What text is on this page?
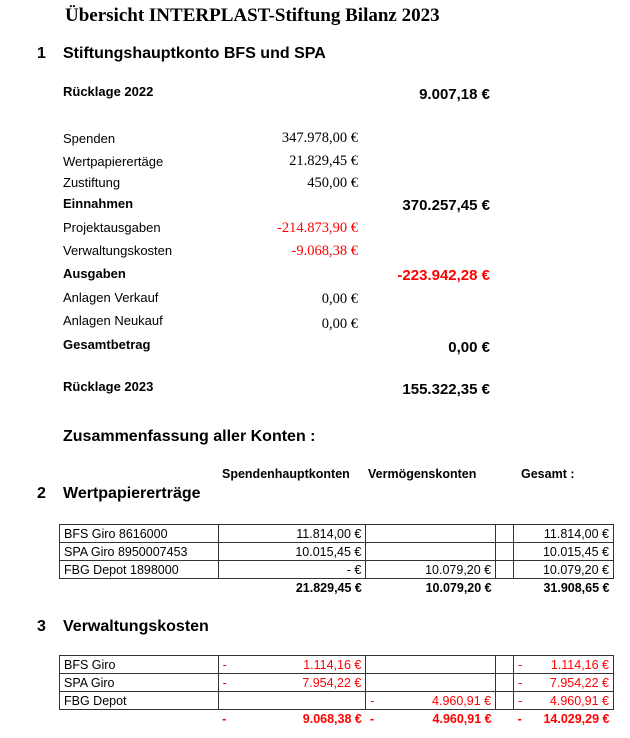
Übersicht INTERPLAST-Stiftung Bilanz 2023
1 Stiftungshauptkonto BFS und SPA
Rücklage 2022	9.007,18 €
Spenden	347.978,00 €
Wertpapierertäge	21.829,45 €
Zustiftung	450,00 €
Einnahmen	370.257,45 €
Projektausgaben	-214.873,90 €
Verwaltungskosten	-9.068,38 €
Ausgaben	-223.942,28 €
Anlagen Verkauf	0,00 €
Anlagen Neukauf	0,00 €
Gesamtbetrag	0,00 €
Rücklage 2023	155.322,35 €
Zusammenfassung aller Konten :
Spendenhauptkonten Vermögenskonten	Gesamt :
2 Wertpapiererträge
BFS Giro 8616000	11.814,00 €			11.814,00 €
SPA Giro 8950007453	10.015,45 €			10.015,45 €
FBG Depot 1898000	- €	10.079,20 €		10.079,20 €
	21.829,45 €	10.079,20 €		31.908,65 €
3 Verwaltungskosten
BFS Giro	- 1.114,16 €			- 1.114,16 €
SPA Giro	- 7.954,22 €			- 7.954,22 €
FBG Depot		- 4.960,91 €		- 4.960,91 €

	- 9.068,38 €	- 4.960,91 €		- 14.029,29 €
